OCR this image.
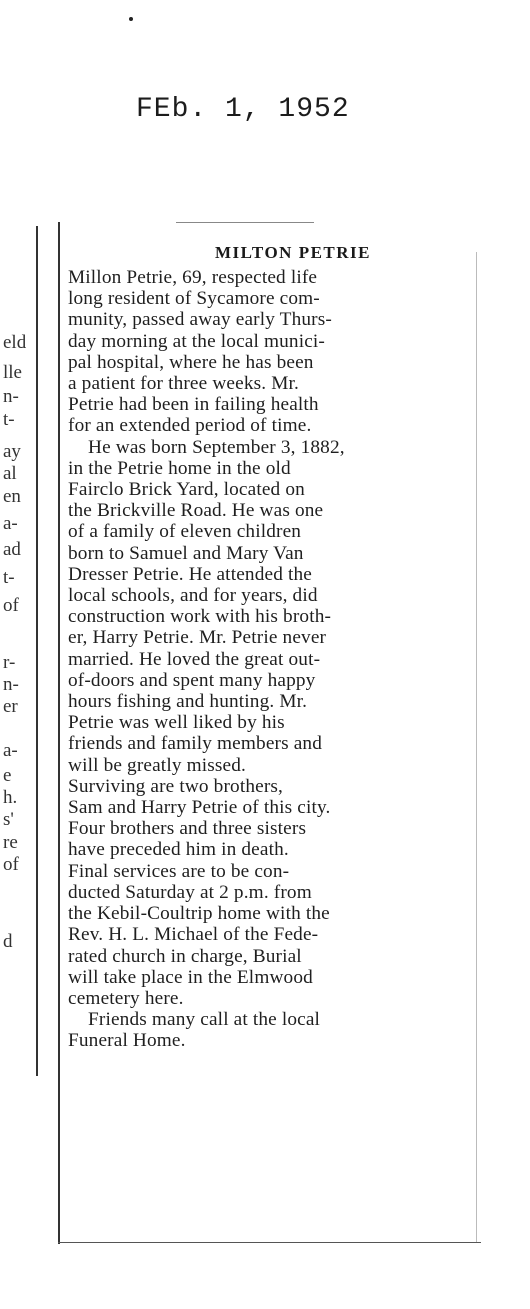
FEb. 1, 1952
eld
lle
n-
t-
ay
al
en
a-
ad
t-
of
r-
n-
er
a-
e
h.
s'
re
of
d
MILTON PETRIE

Millon Petrie, 69, respected life
long resident of Sycamore com-
munity, passed away early Thurs-
day morning at the local munici-
pal hospital, where he has been
a patient for three weeks. Mr.
Petrie had been in failing health
for an extended period of time.

He was born September 3, 1882,
in the Petrie home in the old
Fairclo Brick Yard, located on
the Brickville Road. He was one
of a family of eleven children
born to Samuel and Mary Van
Dresser Petrie. He attended the
local schools, and for years, did
construction work with his broth-
er, Harry Petrie. Mr. Petrie never
married. He loved the great out-
of-doors and spent many happy
hours fishing and hunting. Mr.
Petrie was well liked by his
friends and family members and
will be greatly missed.

Surviving are two brothers,
Sam and Harry Petrie of this city.
Four brothers and three sisters
have preceded him in death.

Final services are to be con-
ducted Saturday at 2 p.m. from
the Kebil-Coultrip home with the
Rev. H. L. Michael of the Fede-
rated church in charge, Burial
will take place in the Elmwood
cemetery here.

Friends many call at the local
Funeral Home.
